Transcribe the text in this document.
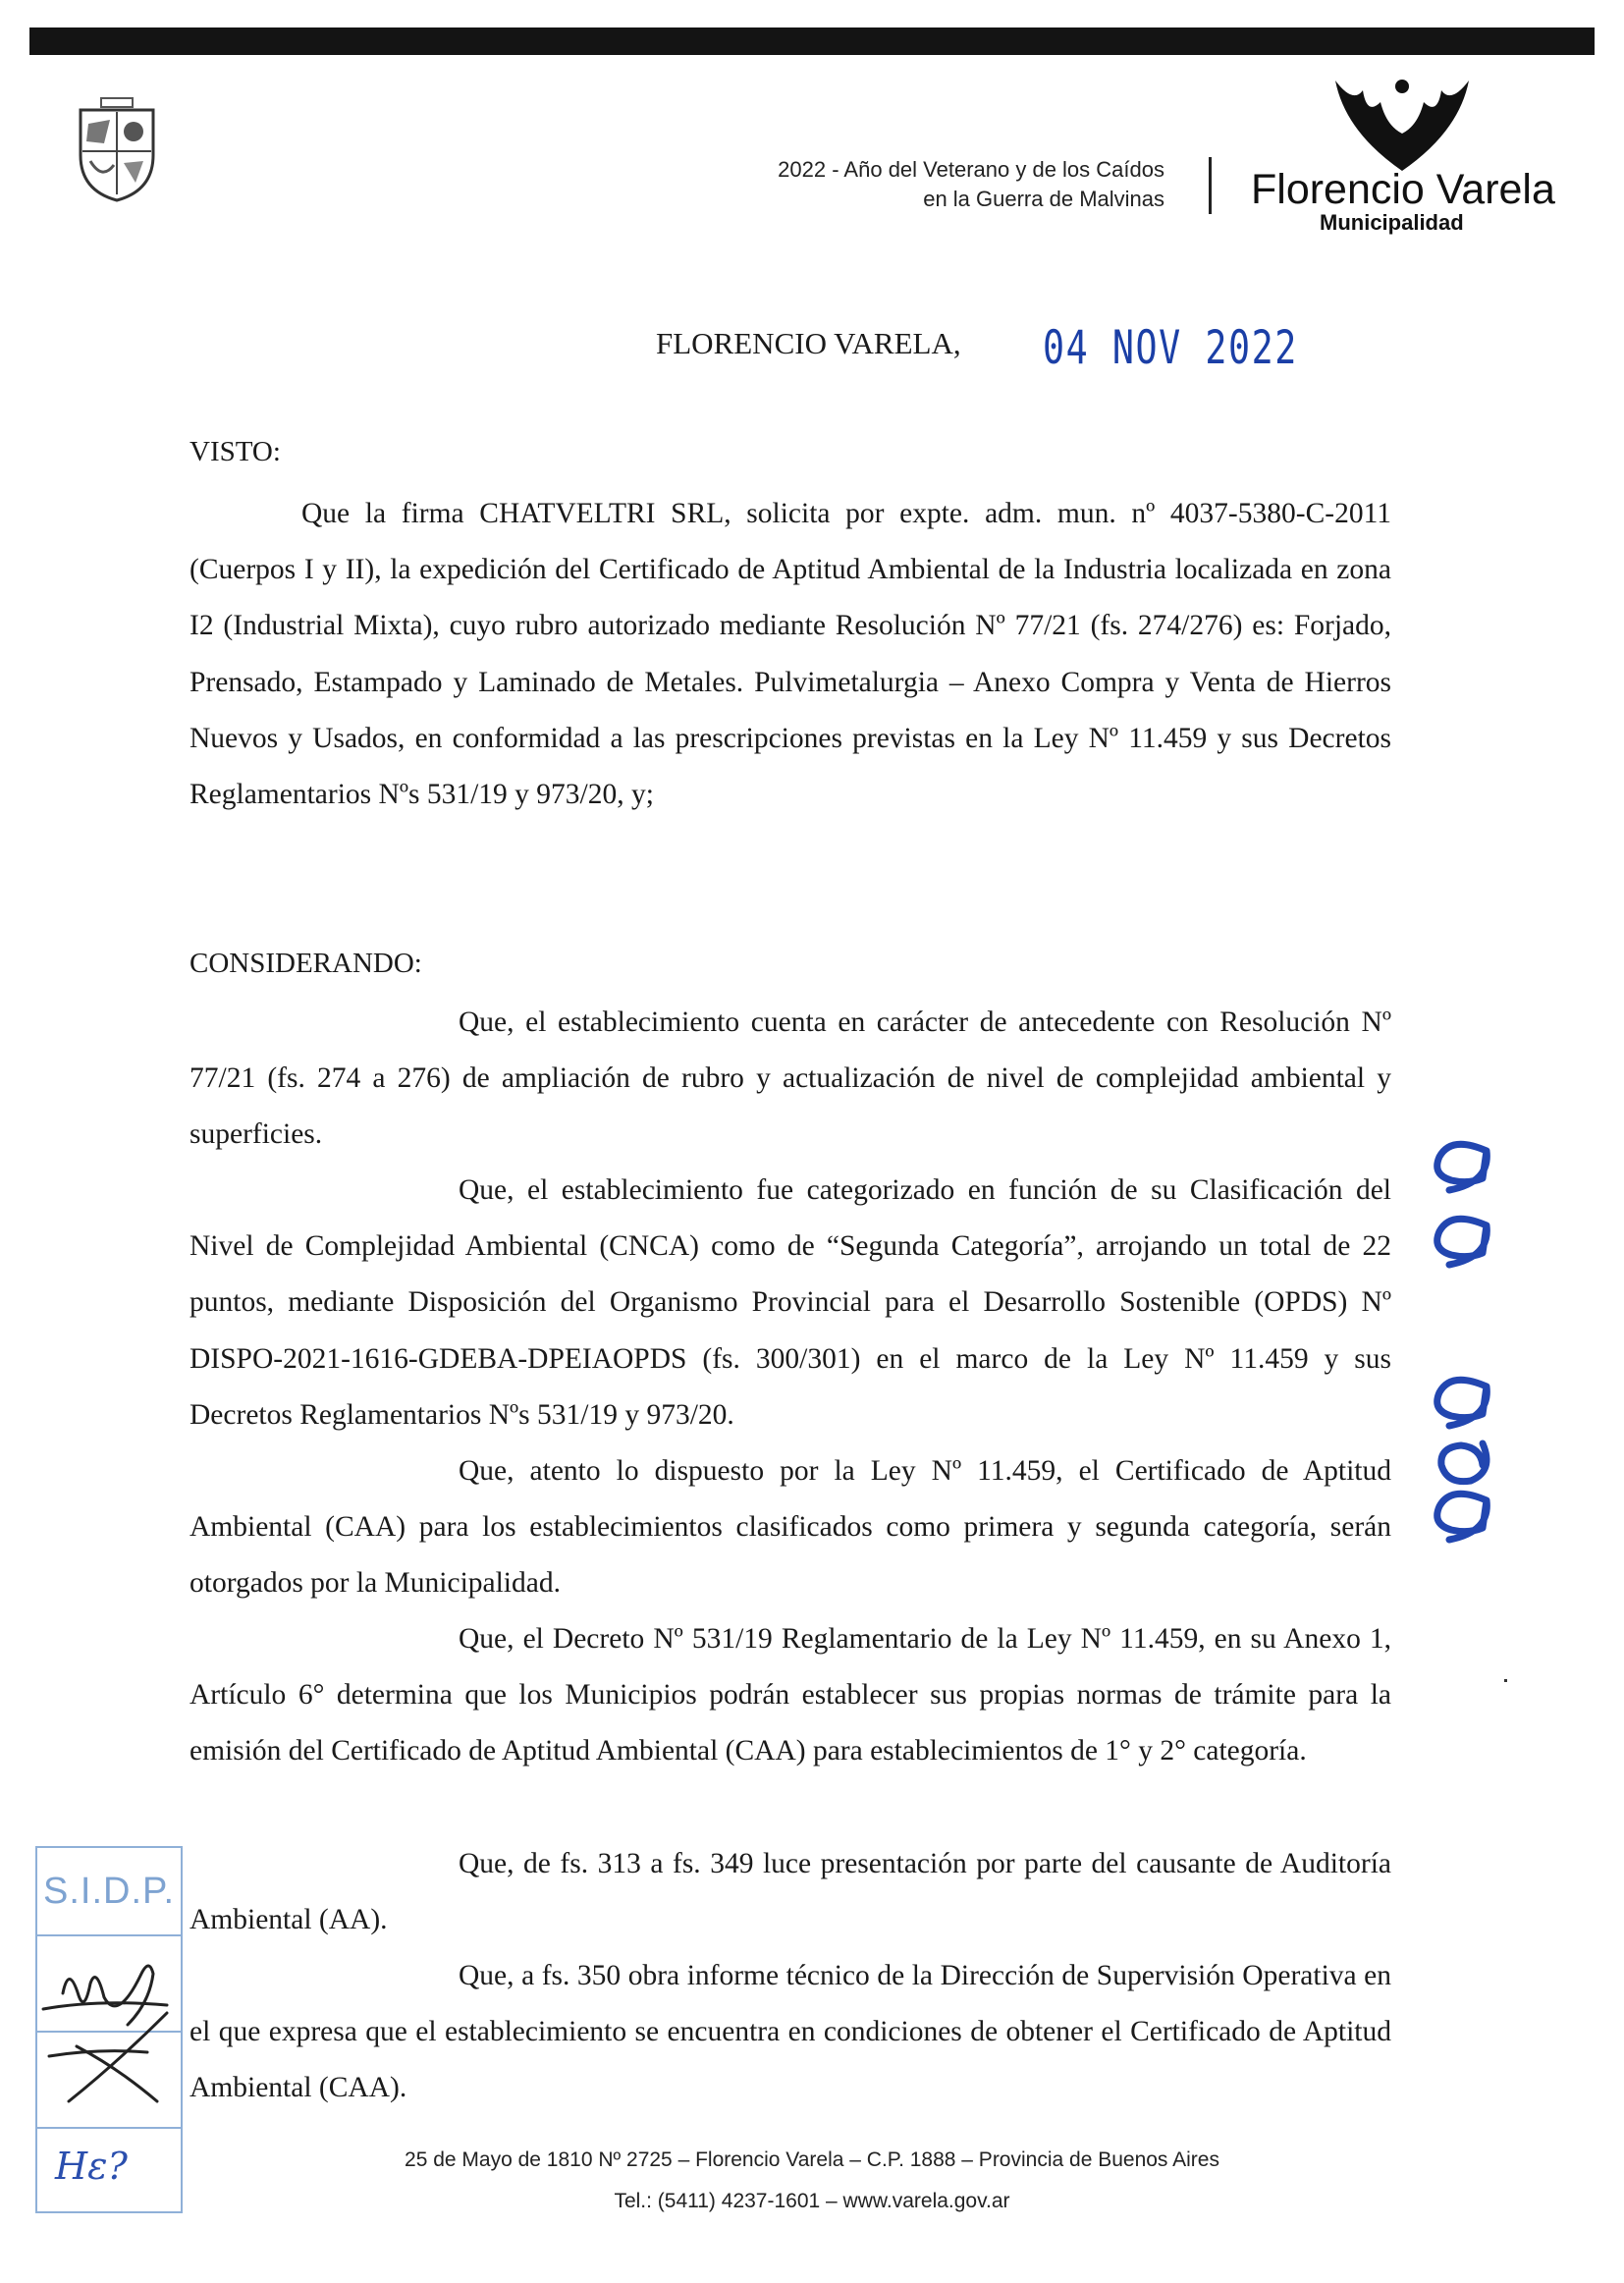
2022 - Año del Veterano y de los Caídos
en la Guerra de Malvinas Florencio Varela
Municipalidad
FLORENCIO VARELA, 04 NOV 2022
VISTO:

Que la firma CHATVELTRI SRL, solicita por expte. adm. mun. nº 4037-5380-C-2011 (Cuerpos I y II), la expedición del Certificado de Aptitud Ambiental de la Industria localizada en zona I2 (Industrial Mixta), cuyo rubro autorizado mediante Resolución Nº 77/21 (fs. 274/276) es: Forjado, Prensado, Estampado y Laminado de Metales. Pulvimetalurgia – Anexo Compra y Venta de Hierros Nuevos y Usados, en conformidad a las prescripciones previstas en la Ley Nº 11.459 y sus Decretos Reglamentarios Nºs 531/19 y 973/20, y;

CONSIDERANDO:

Que, el establecimiento cuenta en carácter de antecedente con Resolución Nº 77/21 (fs. 274 a 276) de ampliación de rubro y actualización de nivel de complejidad ambiental y superficies.

Que, el establecimiento fue categorizado en función de su Clasificación del Nivel de Complejidad Ambiental (CNCA) como de “Segunda Categoría”, arrojando un total de 22 puntos, mediante Disposición del Organismo Provincial para el Desarrollo Sostenible (OPDS) Nº DISPO-2021-1616-GDEBA-DPEIAOPDS (fs. 300/301) en el marco de la Ley Nº 11.459 y sus Decretos Reglamentarios Nºs 531/19 y 973/20.

Que, atento lo dispuesto por la Ley Nº 11.459, el Certificado de Aptitud Ambiental (CAA) para los establecimientos clasificados como primera y segunda categoría, serán otorgados por la Municipalidad.

Que, el Decreto Nº 531/19 Reglamentario de la Ley Nº 11.459, en su Anexo 1, Artículo 6° determina que los Municipios podrán establecer sus propias normas de trámite para la emisión del Certificado de Aptitud Ambiental (CAA) para establecimientos de 1° y 2° categoría.

Que, de fs. 313 a fs. 349 luce presentación por parte del causante de Auditoría Ambiental (AA).

Que, a fs. 350 obra informe técnico de la Dirección de Supervisión Operativa en el que expresa que el establecimiento se encuentra en condiciones de obtener el Certificado de Aptitud Ambiental (CAA).

S.I.D.P.
Hε?	25 de Mayo de 1810 Nº 2725 – Florencio Varela – C.P. 1888 – Provincia de Buenos Aires
Tel.: (5411) 4237-1601 – www.varela.gov.ar
